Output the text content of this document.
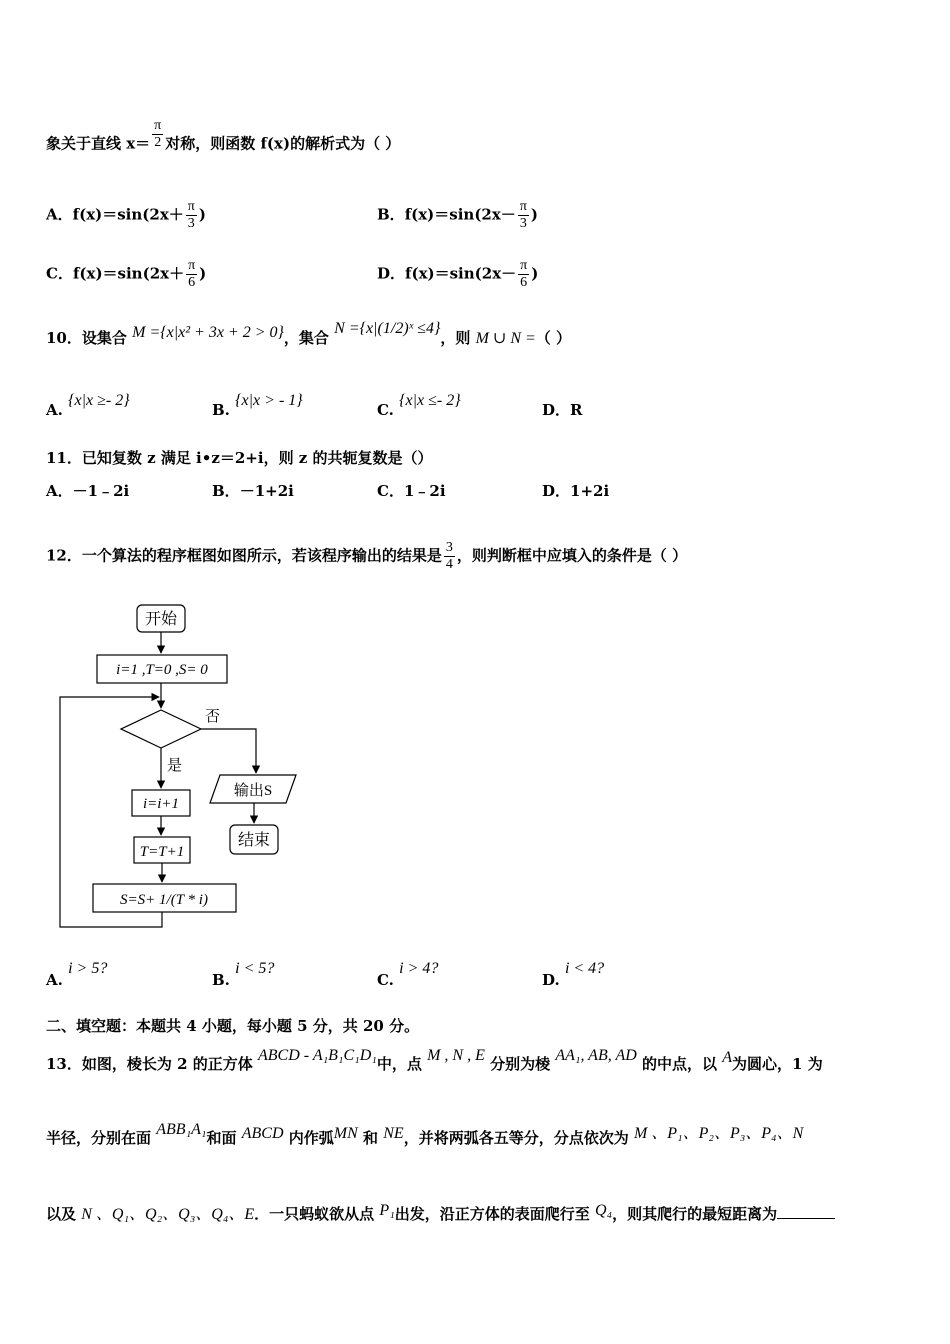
象关于直线 $x= \frac{\pi}{2}$ 对称，则函数 f(x)的解析式为（ ）
A．$f(x)=\sin(2x+ \frac{\pi}{3}$ )	B．$f(x)=\sin(2x- \frac{\pi}{3}$ )
C．$f(x)=\sin(2x+ \frac{\pi}{6}$ )	D．$f(x)=\sin(2x- \frac{\pi}{6}$ )
10．设集合 M ={x|x² + 3x + 2 > 0}，集合 N ={x|(1/2)ˣ ≤4}，则 M ∪ N =（ ）
A. {x|x ≥- 2}
B. {x|x > - 1}
C. {x|x ≤- 2}
D．R
11．已知复数 z 满足 i•z＝2+i，则 z 的共轭复数是（）
A．－1﹣2i	B．－1+2i	C．1﹣2i	D．1+2i
12．一个算法的程序框图如图所示，若该程序输出的结果是 $\frac{3}{4}$ ，则判断框中应填入的条件是（ ）
开始
i=1 ,T=0 ,S= 0
否
是
i=i+1
T=T+1
S=S+ 1/(T * i)
输出S
结束
A. i > 5?
B. i < 5?
C. i > 4?
D. i < 4?
二、填空题：本题共 4 小题，每小题 5 分，共 20 分。
13．如图，棱长为 2 的正方体 ABCD - A₁B₁C₁D₁中，点 M , N , E 分别为棱 AA₁, AB, AD 的中点，以 A为圆心，1 为
半径，分别在面 ABB₁A₁和面 ABCD 内作弧MN 和 NE，并将两弧各五等分，分点依次为 M 、P₁、P₂、P₃、P₄、N
以及 N 、Q₁、Q₂、Q₃、Q₄、E．一只蚂蚁欲从点 P₁出发，沿正方体的表面爬行至 Q₄，则其爬行的最短距离为
